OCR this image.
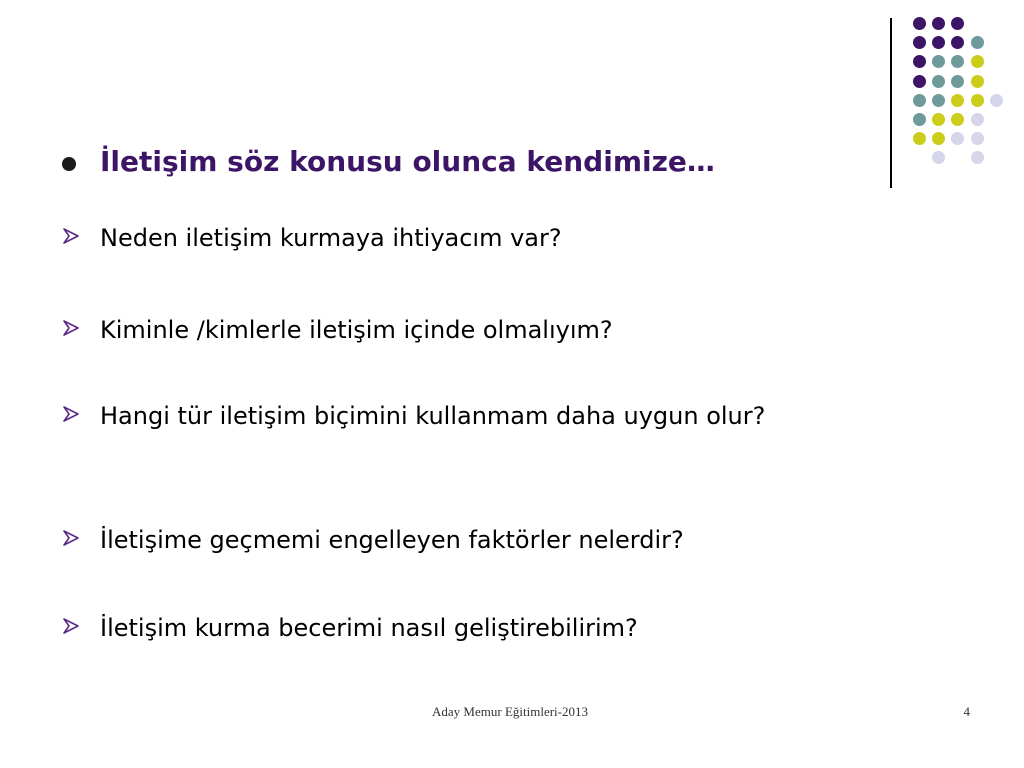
İletişim söz konusu olunca kendimize…
Neden iletişim kurmaya ihtiyacım var?
Kiminle /kimlerle iletişim içinde olmalıyım?
Hangi tür iletişim biçimini kullanmam daha uygun olur?
İletişime geçmemi engelleyen faktörler nelerdir?
İletişim kurma becerimi nasıl geliştirebilirim?
Aday Memur Eğitimleri-2013	4
